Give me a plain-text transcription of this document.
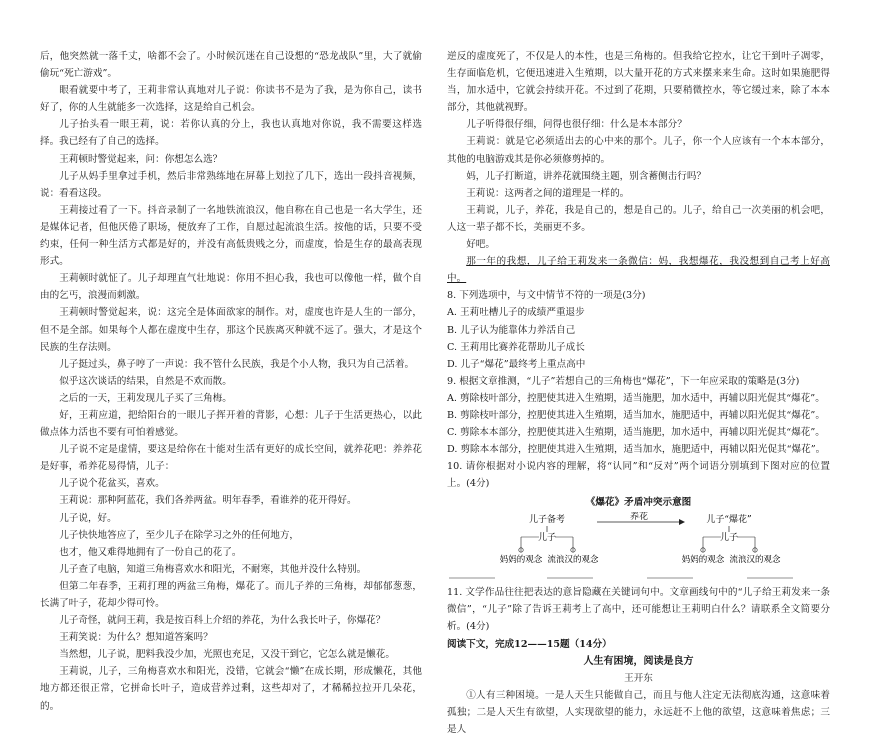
后，他突然就一落千丈，啥都不会了。小时候沉迷在自己设想的“恐龙战队”里，大了就偷偷玩“死亡游戏”。

眼看就要中考了，王莉非常认真地对儿子说：你读书不是为了我，是为你自己，读书好了，你的人生就能多一次选择，这是给自己机会。

儿子抬头看一眼王莉，说：若你认真的分上，我也认真地对你说，我不需要这样选择。我已经有了自己的选择。

王莉顿时警觉起来，问：你想怎么选？

儿子从妈手里拿过手机，然后非常熟练地在屏幕上划拉了几下，选出一段抖音视频，说：看看这段。

王莉接过看了一下。抖音录制了一名地铁流浪汉，他自称在自己也是一名大学生，还是媒体记者，但他厌倦了职场，便放弃了工作，自愿过起流浪生活。按他的话，只要不受约束，任何一种生活方式都是好的，并没有高低贵贱之分，而虚度，恰是生存的最高表现形式。

王莉顿时就怔了。儿子却理直气壮地说：你用不担心我，我也可以像他一样，做个自由的乞丐，浪漫而刺激。

王莉顿时警觉起来，说：这完全是体面欲家的制作。对，虚度也许是人生的一部分，但不是全部。如果每个人都在虚度中生存，那这个民族离灭种就不远了。强大，才是这个民族的生存法则。

儿子挺过头，鼻子哼了一声说：我不管什么民族，我是个小人物，我只为自己活着。

似乎这次谈话的结果，自然是不欢而散。

之后的一天，王莉发现儿子买了三角梅。

好，王莉应道，把给阳台的一眼儿子挥开着的背影，心想：儿子于生活更热心，以此做点体力活也不要有可怕着感觉。

儿子说不定是虚情，要这是给你在十能对生活有更好的成长空间，就养花吧：养养花是好事，希养花易得情，儿子：

儿子说个花盆买，喜欢。

王莉说：那种阿蓝花，我们各养两盆。明年春季，看谁养的花开得好。

儿子说，好。

儿子快快地答应了，至少儿子在除学习之外的任何地方，

也才，他又难得地拥有了一份自己的花了。

儿子查了电脑，知道三角梅喜欢水和阳光，不耐寒，其他并没什么特别。

但第二年春季，王莉打理的两盆三角梅，爆花了。而儿子养的三角梅，却郁郁葱葱，长满了叶子，花却少得可怜。

儿子奇怪，就问王莉，我是按百科上介绍的养花，为什么我长叶子，你爆花？

王莉笑说：为什么？想知道答案吗？

当然想，儿子说，肥料我没少加，光照也充足，又没干到它，它怎么就是懒花。

王莉说，儿子，三角梅喜欢水和阳光，没错，它就会“懒”在成长期，形成懒花，其他地方都还很正常，它拼命长叶子，造成营养过剩，这些却对了，才稀稀拉拉开几朵花，的。

逆反的虚度死了，不仅是人的本性，也是三角梅的。但我给它控水，让它干到叶子凋零，生存面临危机，它便迅速进入生殖期，以大量开花的方式来摆来来生命。这时如果施肥得当，加水适中，它就会持续开花。不过到了花期，只要稍微控水，等它缓过来，除了本本部分，其他就视野。

儿子听得很仔细，问得也很仔细：什么是本本部分？

王莉说：就是它必须适出去的心中来的那个。儿子，你一个人应该有一个本本部分，其他的电脑游戏其是你必须修剪掉的。

妈，儿子打断道，讲养花就围绕主题，别含蓄侧击行吗？

王莉说：这两者之间的道理是一样的。

王莉说，儿子，养花，我是自己的，想是自己的。儿子，给自己一次美丽的机会吧，人这一辈子都不长，美丽更不多。

好吧。

那一年的我想，儿子给王莉发来一条微信：妈，我想爆花，我没想到自己考上好高中。

8. 下列选项中，与文中情节不符的一项是(3分)

A. 王莉吐槽儿子的成绩严重退步

B. 儿子认为能靠体力养活自己

C. 王莉用比赛养花帮助儿子成长

D. 儿子“爆花”最终考上重点高中

9. 根据文章推测，“儿子”若想自己的三角梅也“爆花”，下一年应采取的策略是(3分)

A. 剪除枝叶部分，控肥使其进入生殖期，适当施肥，加水适中，再辅以阳光促其“爆花”。

B. 剪除枝叶部分，控肥使其进入生殖期，适当加水，施肥适中，再辅以阳光促其“爆花”。

C. 剪除本本部分，控肥使其进入生殖期，适当施肥，加水适中，再辅以阳光促其“爆花”。

D. 剪除本本部分，控肥使其进入生殖期，适当加水，施肥适中，再辅以阳光促其“爆花”。

10. 请你根据对小说内容的理解，将“认同”和“反对”两个词语分别填到下图对应的位置上。(4分)

《爆花》矛盾冲突示意图

儿子备考	养花	儿子“爆花”
儿子	儿子
妈妈的观念 流浪汉的观念	妈妈的观念 流浪汉的观念

11. 文学作品往往把表达的意旨隐藏在关键词句中。文章画线句中的“儿子给王莉发来一条微信”，“儿子”除了告诉王莉考上了高中，还可能想让王莉明白什么？请联系全文简要分析。(4分)

阅读下文，完成12——15题（14分）

人生有困境，阅读是良方

王开东

①人有三种困境。一是人天生只能做自己，而且与他人注定无法彻底沟通，这意味着孤独；二是人天生有欲望，人实现欲望的能力，永远赶不上他的欲望，这意味着焦虑；三是人
